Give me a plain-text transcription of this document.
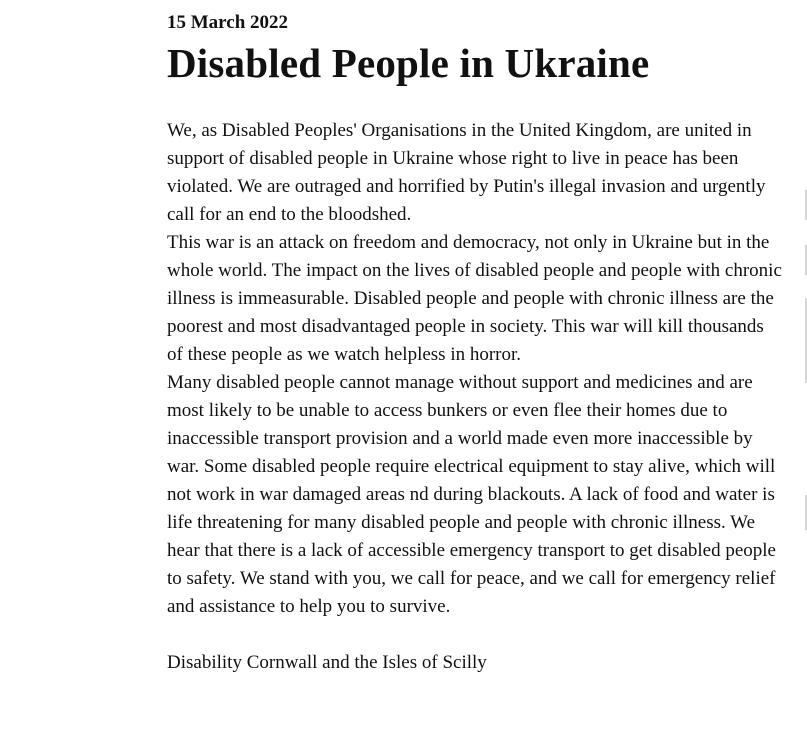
15 March 2022
Disabled People in Ukraine

We, as Disabled Peoples' Organisations in the United Kingdom, are united in support of disabled people in Ukraine whose right to live in peace has been violated. We are outraged and horrified by Putin's illegal invasion and urgently call for an end to the bloodshed.

This war is an attack on freedom and democracy, not only in Ukraine but in the whole world. The impact on the lives of disabled people and people with chronic illness is immeasurable. Disabled people and people with chronic illness are the poorest and most disadvantaged people in society. This war will kill thousands of these people as we watch helpless in horror.

Many disabled people cannot manage without support and medicines and are most likely to be unable to access bunkers or even flee their homes due to inaccessible transport provision and a world made even more inaccessible by war. Some disabled people require electrical equipment to stay alive, which will not work in war damaged areas nd during blackouts. A lack of food and water is life threatening for many disabled people and people with chronic illness. We hear that there is a lack of accessible emergency transport to get disabled people to safety. We stand with you, we call for peace, and we call for emergency relief and assistance to help you to survive.

Disability Cornwall and the Isles of Scilly
